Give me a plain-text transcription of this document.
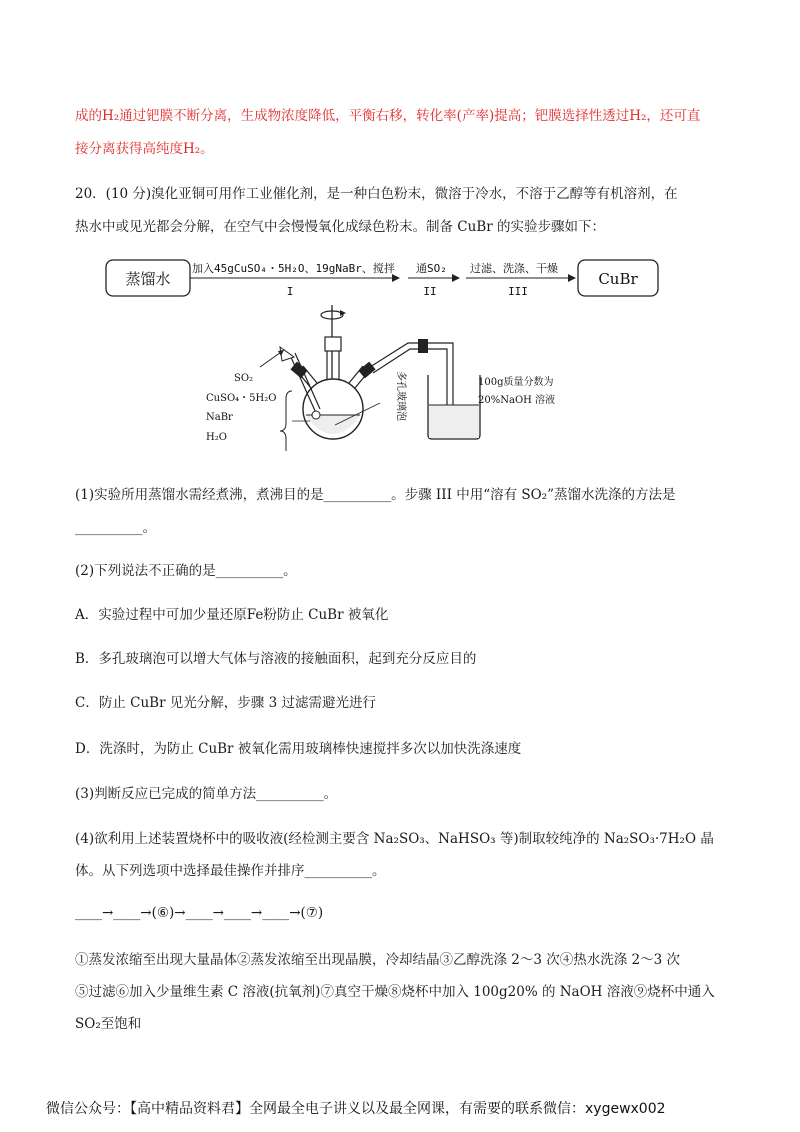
成的H₂通过钯膜不断分离，生成物浓度降低，平衡右移，转化率(产率)提高；钯膜选择性透过H₂，还可直
接分离获得高纯度H₂。
20．(10 分)溴化亚铜可用作工业催化剂，是一种白色粉末，微溶于冷水，不溶于乙醇等有机溶剂，在
热水中或见光都会分解，在空气中会慢慢氧化成绿色粉末。制备 CuBr 的实验步骤如下：
蒸馏水
加入45gCuSO₄・5H₂O、19gNaBr、搅拌
I
通SO₂
II
过滤、洗涤、干燥
III
CuBr
SO₂
CuSO₄・5H₂O
NaBr
H₂O
多孔玻璃泡	100g质量分数为
20%NaOH 溶液
(1)实验所用蒸馏水需经煮沸，煮沸目的是__________。步骤 III 中用“溶有 SO₂”蒸馏水洗涤的方法是
__________。
(2)下列说法不正确的是__________。
A．实验过程中可加少量还原Fe粉防止 CuBr 被氧化
B．多孔玻璃泡可以增大气体与溶液的接触面积，起到充分反应目的
C．防止 CuBr 见光分解，步骤 3 过滤需避光进行
D．洗涤时，为防止 CuBr 被氧化需用玻璃棒快速搅拌多次以加快洗涤速度
(3)判断反应已完成的简单方法__________。
(4)欲利用上述装置烧杯中的吸收液(经检测主要含 Na₂SO₃、NaHSO₃ 等)制取较纯净的 Na₂SO₃·7H₂O 晶
体。从下列选项中选择最佳操作并排序__________。
____→____→(⑥)→____→____→____→(⑦)
①蒸发浓缩至出现大量晶体②蒸发浓缩至出现晶膜，冷却结晶③乙醇洗涤 2～3 次④热水洗涤 2～3 次
⑤过滤⑥加入少量维生素 C 溶液(抗氧剂)⑦真空干燥⑧烧杯中加入 100g20% 的 NaOH 溶液⑨烧杯中通入
SO₂至饱和
微信公众号：【高中精品资料君】全网最全电子讲义以及最全网课，有需要的联系微信：xygewx002
